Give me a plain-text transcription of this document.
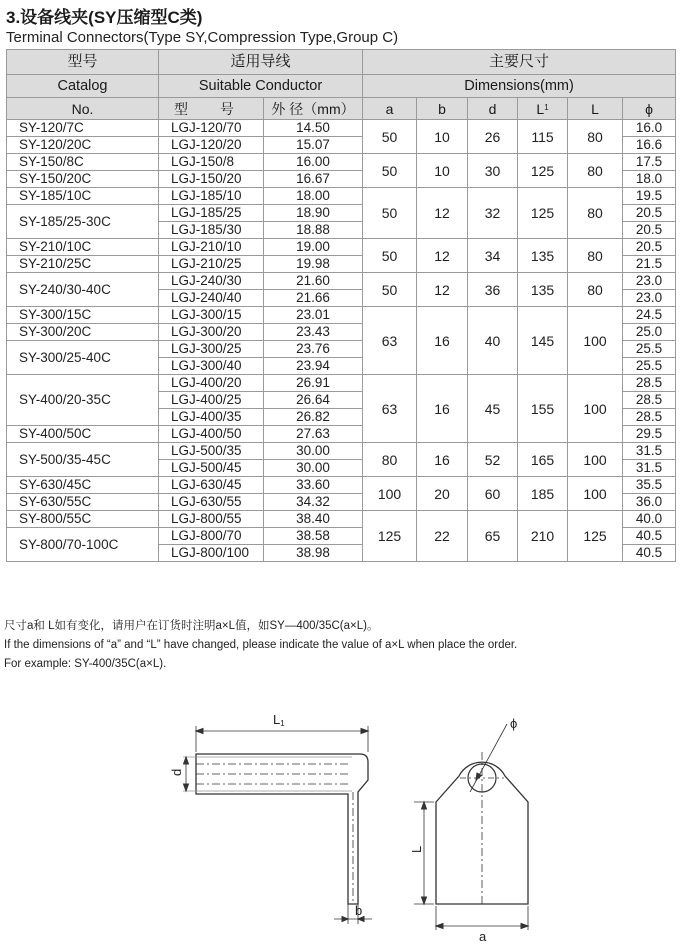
3.设备线夹(SY压缩型C类)
Terminal Connectors(Type SY,Compression Type,Group C)
型号	适用导线		主要尺寸					
Catalog	Suitable Conductor		Dimensions(mm)					
No.	型 号	外 径（mm）	a	b	d	$L^1$	L	ϕ
SY-120/7C	LGJ-120/70	14.50	50	10	26	115	80	16.0
SY-120/20C	LGJ-120/20	15.07						16.6
SY-150/8C	LGJ-150/8	16.00	50	10	30	125	80	17.5
SY-150/20C	LGJ-150/20	16.67						18.0
SY-185/10C	LGJ-185/10	18.00	50	12	32	125	80	19.5
SY-185/25-30C	LGJ-185/25	18.90						20.5
	LGJ-185/30	18.88						20.5
SY-210/10C	LGJ-210/10	19.00	50	12	34	135	80	20.5
SY-210/25C	LGJ-210/25	19.98						21.5
SY-240/30-40C	LGJ-240/30	21.60	50	12	36	135	80	23.0
	LGJ-240/40	21.66						23.0
SY-300/15C	LGJ-300/15	23.01	63	16	40	145	100	24.5
SY-300/20C	LGJ-300/20	23.43						25.0
SY-300/25-40C	LGJ-300/25	23.76						25.5
	LGJ-300/40	23.94						25.5
SY-400/20-35C	LGJ-400/20	26.91	63	16	45	155	100	28.5
	LGJ-400/25	26.64						28.5
	LGJ-400/35	26.82						28.5
SY-400/50C	LGJ-400/50	27.63						29.5
SY-500/35-45C	LGJ-500/35	30.00	80	16	52	165	100	31.5
	LGJ-500/45	30.00						31.5
SY-630/45C	LGJ-630/45	33.60	100	20	60	185	100	35.5
SY-630/55C	LGJ-630/55	34.32						36.0
SY-800/55C	LGJ-800/55	38.40	125	22	65	210	125	40.0
SY-800/70-100C	LGJ-800/70	38.58						40.5
	LGJ-800/100	38.98						40.5
尺寸a和 L如有变化，请用户在订货时注明a×L值，如SY—400/35C(a×L)。
If the dimensions of “a” and “L” have changed, please indicate the value of a×L when place the order.
For example: SY-400/35C(a×L).
L1
d
b
ϕ
L
a
